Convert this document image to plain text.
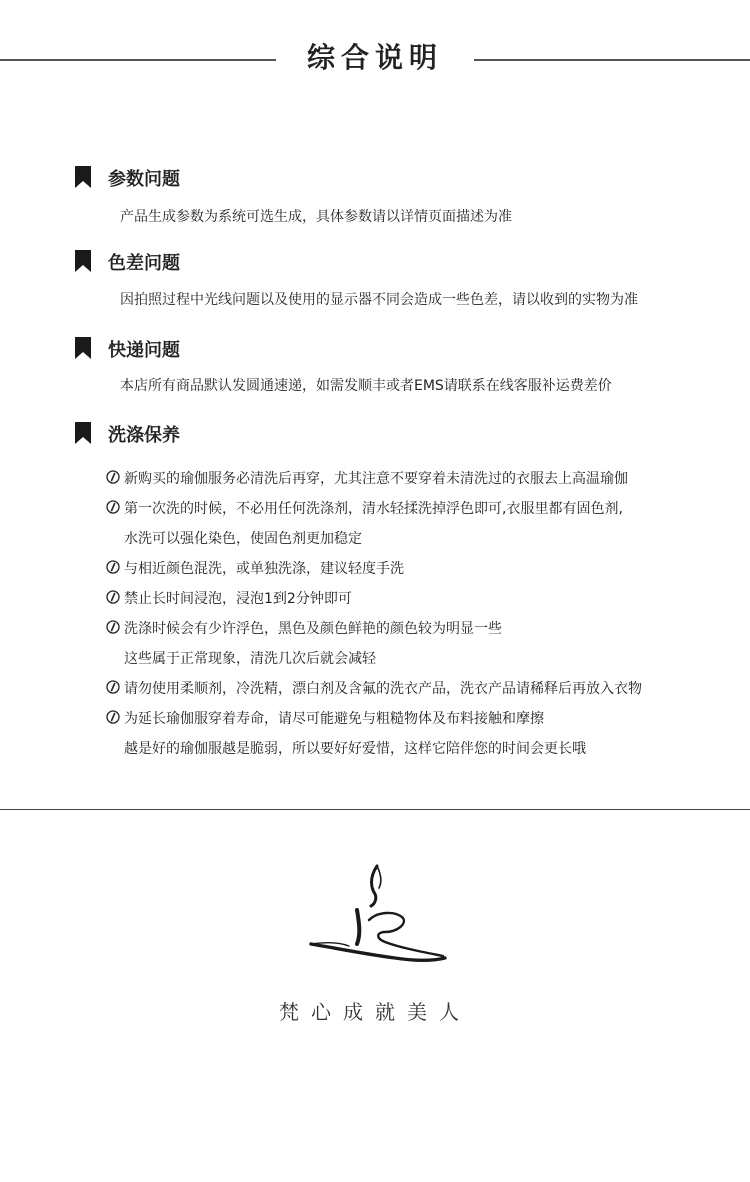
综合说明
参数问题
产品生成参数为系统可选生成，具体参数请以详情页面描述为准
色差问题
因拍照过程中光线问题以及使用的显示器不同会造成一些色差，请以收到的实物为准
快递问题
本店所有商品默认发圆通速递，如需发顺丰或者EMS请联系在线客服补运费差价
洗涤保养
新购买的瑜伽服务必清洗后再穿，尤其注意不要穿着未清洗过的衣服去上高温瑜伽
第一次洗的时候，不必用任何洗涤剂，清水轻揉洗掉浮色即可,衣服里都有固色剂,
水洗可以强化染色，使固色剂更加稳定
与相近颜色混洗，或单独洗涤，建议轻度手洗
禁止长时间浸泡，浸泡1到2分钟即可
洗涤时候会有少许浮色，黑色及颜色鲜艳的颜色较为明显一些
这些属于正常现象，清洗几次后就会减轻
请勿使用柔顺剂，冷洗精，漂白剂及含氟的洗衣产品，洗衣产品请稀释后再放入衣物
为延长瑜伽服穿着寿命，请尽可能避免与粗糙物体及布料接触和摩擦
越是好的瑜伽服越是脆弱，所以要好好爱惜，这样它陪伴您的时间会更长哦
梵心成就美人
